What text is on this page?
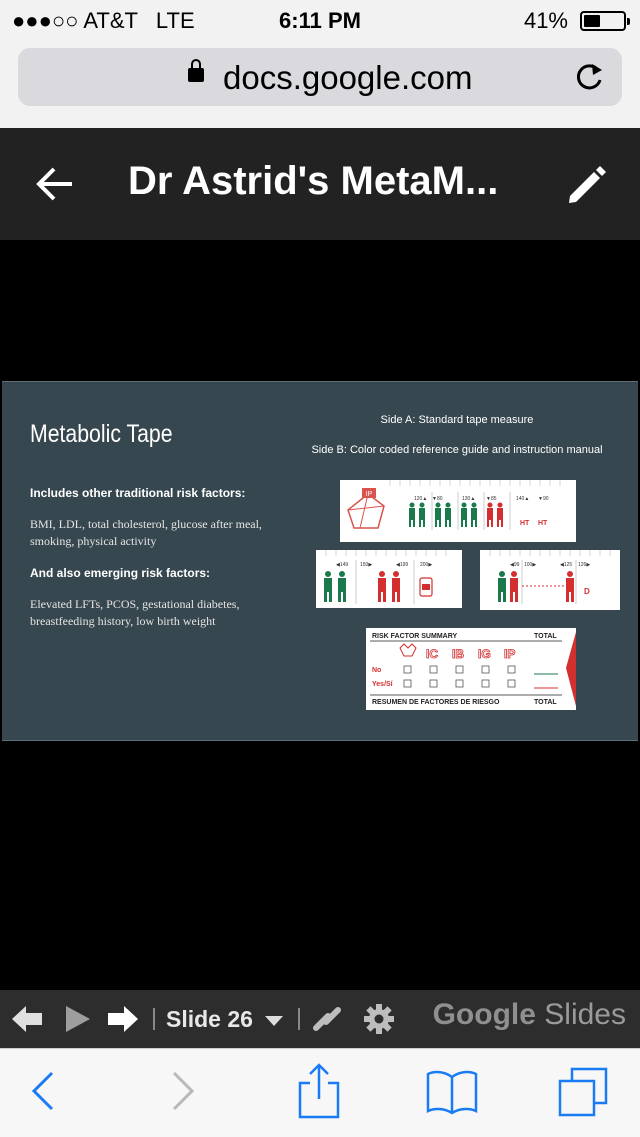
●●●○○ AT&T LTE	6:11 PM	41%
docs.google.com
Dr Astrid's MetaM...
Metabolic Tape
Includes other traditional risk factors:
BMI, LDL, total cholesterol, glucose after meal, smoking, physical activity
And also emerging risk factors:
Elevated LFTs, PCOS, gestational diabetes, breastfeeding history, low birth weight
Side A: Standard tape measure
Side B: Color coded reference guide and instruction manual
IP
120▲ ▼80	130▲ ▼85	140▲ ▼90
HT HT
◀149 150▶	◀199 200▶	◀99 100▶	◀125 126▶
D
RISK FACTOR SUMMARY	TOTAL
No
Yes/Sí
RESUMEN DE FACTORES DE RIESGO	TOTAL
IC IB IG IP
Slide 26	Google Slides
